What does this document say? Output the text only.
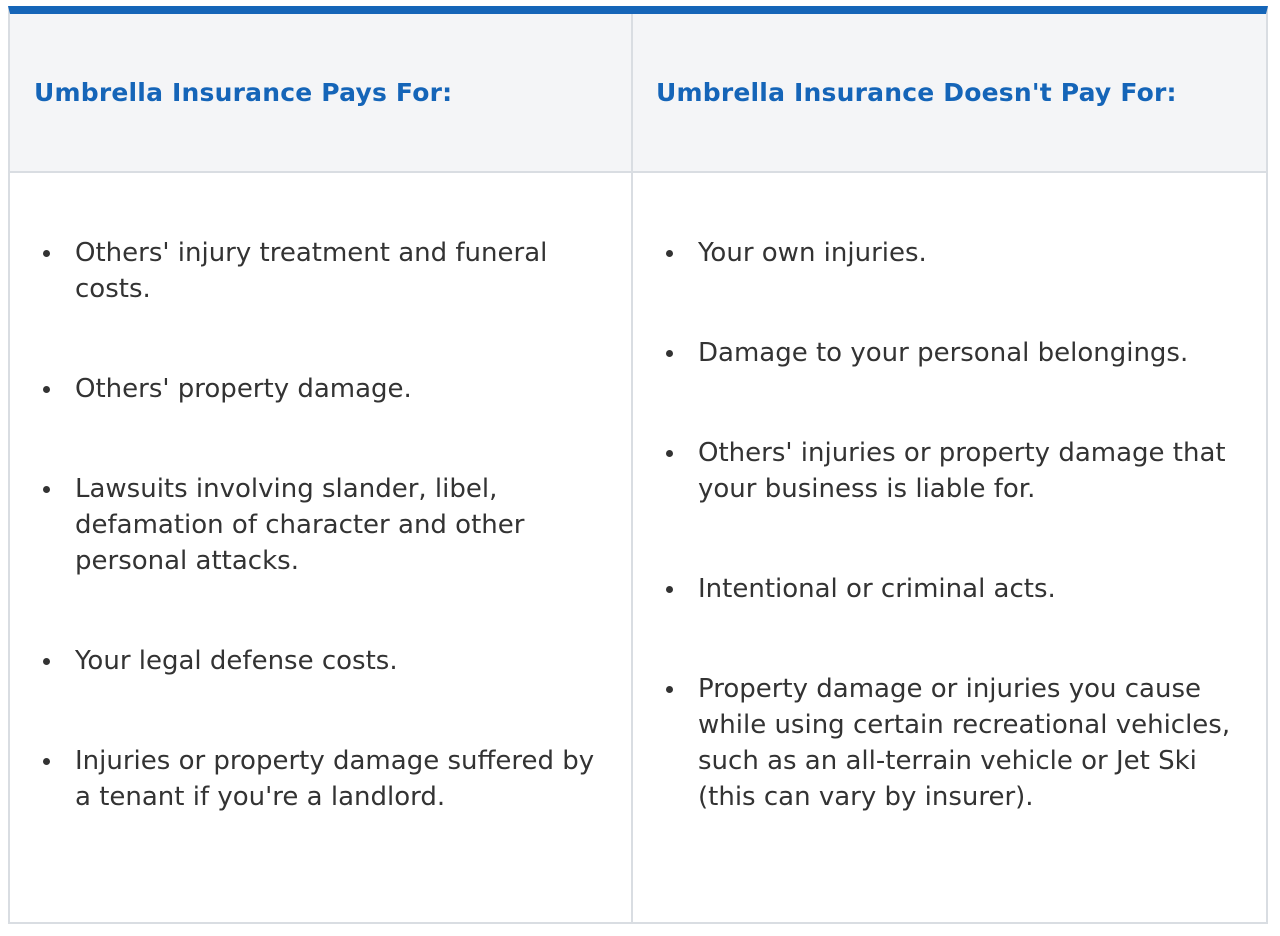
Umbrella Insurance Pays For:	Umbrella Insurance Doesn't Pay For:
Others' injury treatment and funeral costs.
Others' property damage.
Lawsuits involving slander, libel, defamation of character and other personal attacks.
Your legal defense costs.
Injuries or property damage suffered by a tenant if you're a landlord.
Your own injuries.
Damage to your personal belongings.
Others' injuries or property damage that your business is liable for.
Intentional or criminal acts.
Property damage or injuries you cause while using certain recreational vehicles, such as an all-terrain vehicle or Jet Ski (this can vary by insurer).
